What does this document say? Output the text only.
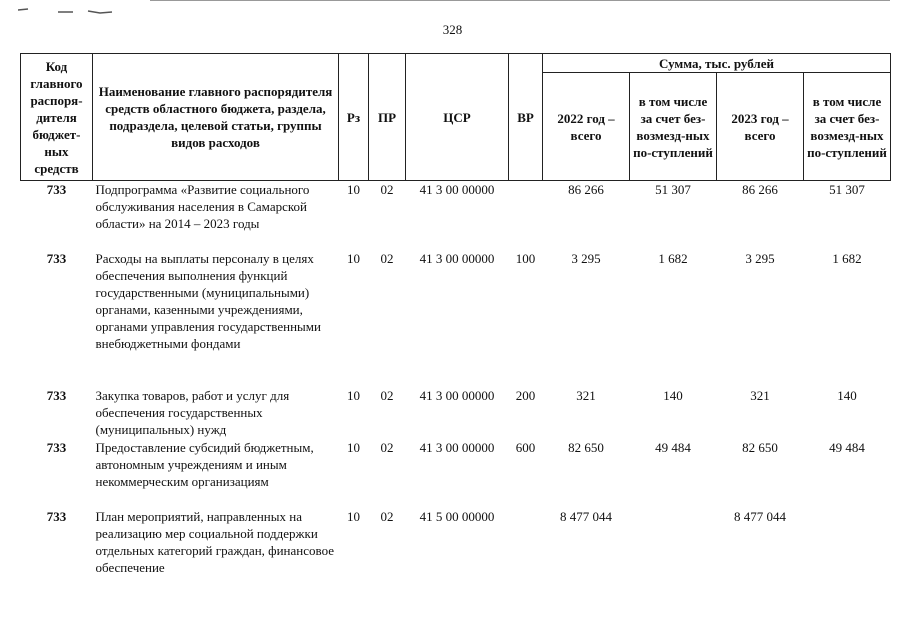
328
Код главного распоря-дителя бюджет-ных средств	Наименование главного распорядителя средств областного бюджета, раздела, подраздела, целевой статьи, группы видов расходов	Рз	ПР	ЦСР	ВР	Сумма, тыс. рублей			
						2022 год – всего	в том числе за счет без-возмезд-ных по-ступлений	2023 год – всего	в том числе за счет без-возмезд-ных по-ступлений
733	Подпрограмма «Развитие социального обслуживания населения в Самарской области» на 2014 – 2023 годы	10	02	41 3 00 00000		86 266	51 307	86 266	51 307
733	Расходы на выплаты персоналу в целях обеспечения выполнения функций государственными (муниципальными) органами, казенными учреждениями, органами управления государственными внебюджетными фондами	10	02	41 3 00 00000	100	3 295	1 682	3 295	1 682
733	Закупка товаров, работ и услуг для обеспечения государственных (муниципальных) нужд	10	02	41 3 00 00000	200	321	140	321	140
733	Предоставление субсидий бюджетным, автономным учреждениям и иным некоммерческим организациям	10	02	41 3 00 00000	600	82 650	49 484	82 650	49 484
733	План мероприятий, направленных на реализацию мер социальной поддержки отдельных категорий граждан, финансовое обеспечение	10	02	41 5 00 00000		8 477 044		8 477 044	
